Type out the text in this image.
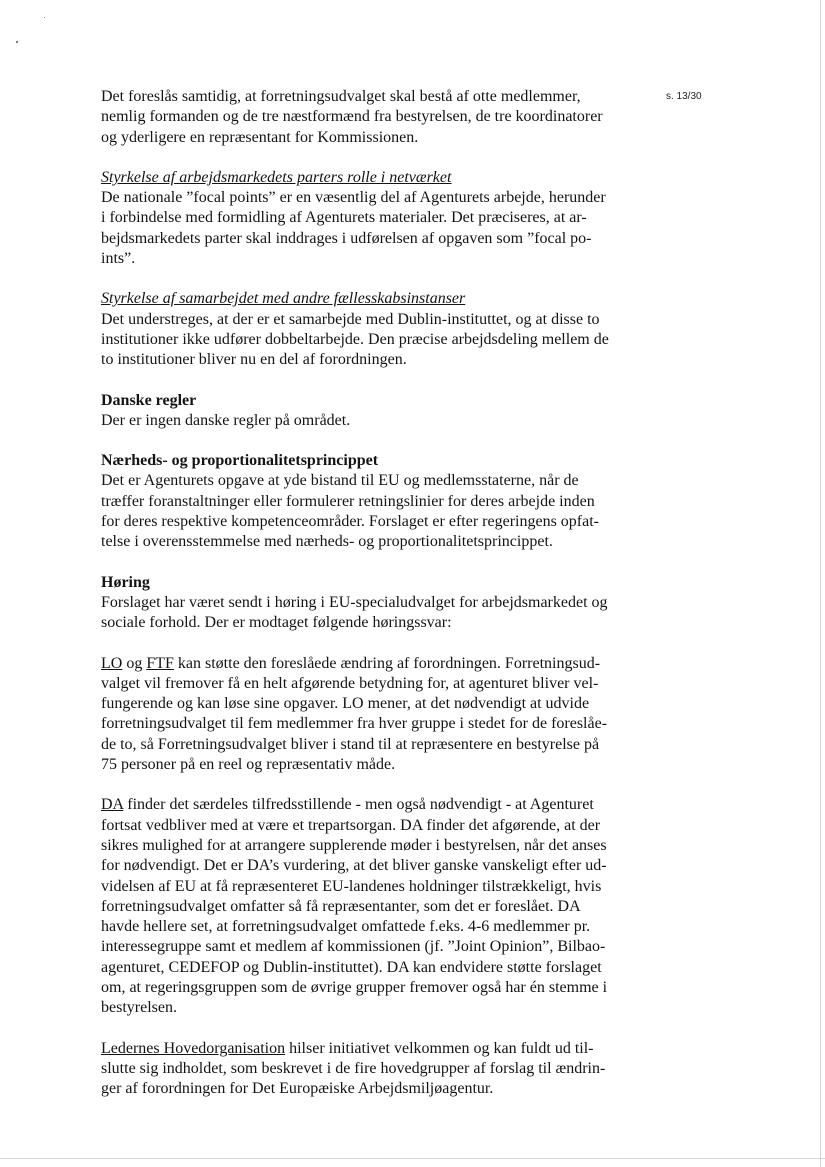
s. 13/30

Det foreslås samtidig, at forretningsudvalget skal bestå af otte medlemmer,
nemlig formanden og de tre næstformænd fra bestyrelsen, de tre koordinatorer
og yderligere en repræsentant for Kommissionen.

Styrkelse af arbejdsmarkedets parters rolle i netværket
De nationale ”focal points” er en væsentlig del af Agenturets arbejde, herunder
i forbindelse med formidling af Agenturets materialer. Det præciseres, at ar-
bejdsmarkedets parter skal inddrages i udførelsen af opgaven som ”focal po-
ints”.

Styrkelse af samarbejdet med andre fællesskabsinstanser
Det understreges, at der er et samarbejde med Dublin-instituttet, og at disse to
institutioner ikke udfører dobbeltarbejde. Den præcise arbejdsdeling mellem de
to institutioner bliver nu en del af forordningen.

Danske regler
Der er ingen danske regler på området.

Nærheds- og proportionalitetsprincippet
Det er Agenturets opgave at yde bistand til EU og medlemsstaterne, når de
træffer foranstaltninger eller formulerer retningslinier for deres arbejde inden
for deres respektive kompetenceområder. Forslaget er efter regeringens opfat-
telse i overensstemmelse med nærheds- og proportionalitetsprincippet.

Høring
Forslaget har været sendt i høring i EU-specialudvalget for arbejdsmarkedet og
sociale forhold. Der er modtaget følgende høringssvar:

LO og FTF kan støtte den foreslåede ændring af forordningen. Forretningsud-
valget vil fremover få en helt afgørende betydning for, at agenturet bliver vel-
fungerende og kan løse sine opgaver. LO mener, at det nødvendigt at udvide
forretningsudvalget til fem medlemmer fra hver gruppe i stedet for de foreslåe-
de to, så Forretningsudvalget bliver i stand til at repræsentere en bestyrelse på
75 personer på en reel og repræsentativ måde.

DA finder det særdeles tilfredsstillende - men også nødvendigt - at Agenturet
fortsat vedbliver med at være et trepartsorgan. DA finder det afgørende, at der
sikres mulighed for at arrangere supplerende møder i bestyrelsen, når det anses
for nødvendigt. Det er DA’s vurdering, at det bliver ganske vanskeligt efter ud-
videlsen af EU at få repræsenteret EU-landenes holdninger tilstrækkeligt, hvis
forretningsudvalget omfatter så få repræsentanter, som det er foreslået. DA
havde hellere set, at forretningsudvalget omfattede f.eks. 4-6 medlemmer pr.
interessegruppe samt et medlem af kommissionen (jf. ”Joint Opinion”, Bilbao-
agenturet, CEDEFOP og Dublin-instituttet). DA kan endvidere støtte forslaget
om, at regeringsgruppen som de øvrige grupper fremover også har én stemme i
bestyrelsen.

Ledernes Hovedorganisation hilser initiativet velkommen og kan fuldt ud til-
slutte sig indholdet, som beskrevet i de fire hovedgrupper af forslag til ændrin-
ger af forordningen for Det Europæiske Arbejdsmiljøagentur.
